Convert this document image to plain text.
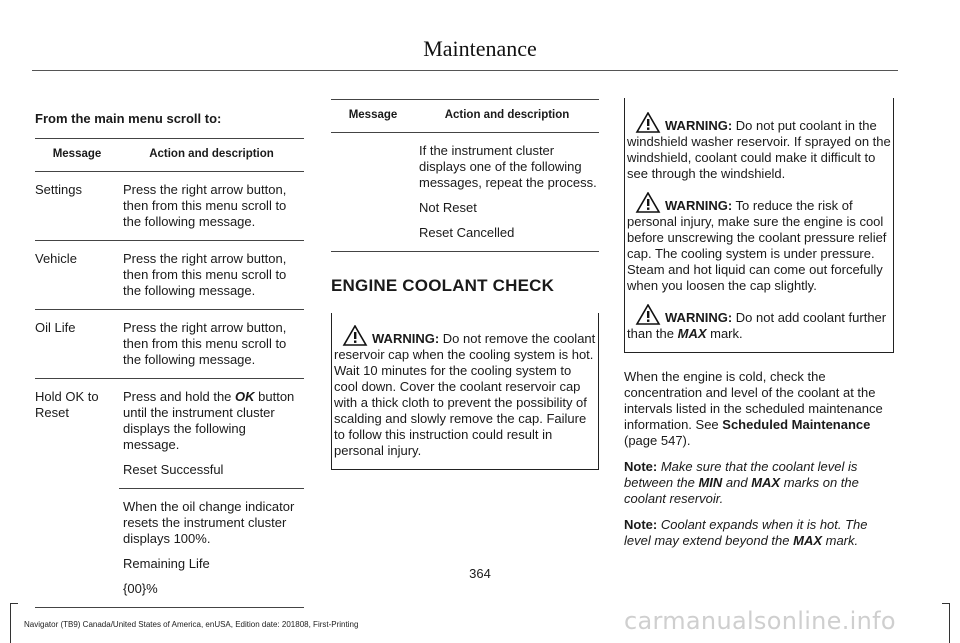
Maintenance

From the main menu scroll to:

Message	Action and description
Settings	Press the right arrow button, then from this menu scroll to the following message.

Vehicle	Press the right arrow button, then from this menu scroll to the following message.

Oil Life	Press the right arrow button, then from this menu scroll to the following message.

Hold OK to Reset	Press and hold the OK button until the instrument cluster displays the following message.

Reset Successful

	When the oil change indicator resets the instrument cluster displays 100%.

Remaining Life

{00}%

Message	Action and description

	If the instrument cluster displays one of the following messages, repeat the process.

Not Reset

Reset Cancelled

ENGINE COOLANT CHECK

WARNING: Do not remove the coolant reservoir cap when the cooling system is hot. Wait 10 minutes for the cooling system to cool down. Cover the coolant reservoir cap with a thick cloth to prevent the possibility of scalding and slowly remove the cap. Failure to follow this instruction could result in personal injury.

WARNING: Do not put coolant in the windshield washer reservoir. If sprayed on the windshield, coolant could make it difficult to see through the windshield.

WARNING: To reduce the risk of personal injury, make sure the engine is cool before unscrewing the coolant pressure relief cap. The cooling system is under pressure. Steam and hot liquid can come out forcefully when you loosen the cap slightly.

WARNING: Do not add coolant further than the MAX mark.

When the engine is cold, check the concentration and level of the coolant at the intervals listed in the scheduled maintenance information. See Scheduled Maintenance (page 547).

Note: Make sure that the coolant level is between the MIN and MAX marks on the coolant reservoir.

Note: Coolant expands when it is hot. The level may extend beyond the MAX mark.

364
Navigator (TB9) Canada/United States of America, enUSA, Edition date: 201808, First-Printing	carmanualsonline.info
